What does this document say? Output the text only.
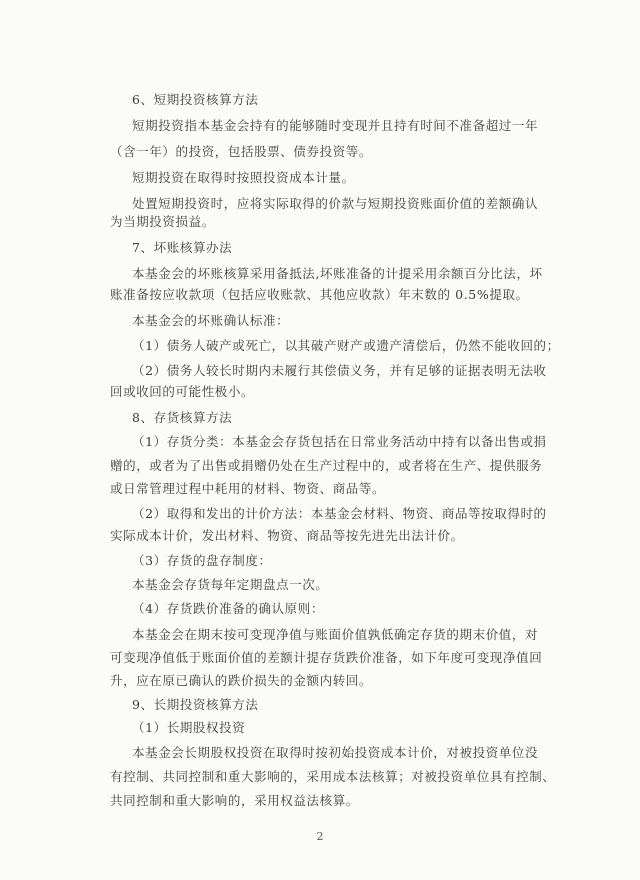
6、短期投资核算方法
短期投资指本基金会持有的能够随时变现并且持有时间不准备超过一年
（含一年）的投资，包括股票、债券投资等。
短期投资在取得时按照投资成本计量。
处置短期投资时，应将实际取得的价款与短期投资账面价值的差额确认
为当期投资损益。
7、坏账核算办法
本基金会的坏账核算采用备抵法,坏账准备的计提采用余额百分比法，坏
账准备按应收款项（包括应收账款、其他应收款）年末数的 0.5%提取。
本基金会的坏账确认标准：
（1）债务人破产或死亡，以其破产财产或遗产清偿后，仍然不能收回的；
（2）债务人较长时期内未履行其偿债义务，并有足够的证据表明无法收
回或收回的可能性极小。
8、存货核算方法
（1）存货分类：本基金会存货包括在日常业务活动中持有以备出售或捐
赠的，或者为了出售或捐赠仍处在生产过程中的，或者将在生产、提供服务
或日常管理过程中耗用的材料、物资、商品等。
（2）取得和发出的计价方法：本基金会材料、物资、商品等按取得时的
实际成本计价，发出材料、物资、商品等按先进先出法计价。
（3）存货的盘存制度：
本基金会存货每年定期盘点一次。
（4）存货跌价准备的确认原则：
本基金会在期末按可变现净值与账面价值孰低确定存货的期末价值，对
可变现净值低于账面价值的差额计提存货跌价准备，如下年度可变现净值回
升，应在原已确认的跌价损失的金额内转回。
9、长期投资核算方法
（1）长期股权投资
本基金会长期股权投资在取得时按初始投资成本计价，对被投资单位没
有控制、共同控制和重大影响的，采用成本法核算；对被投资单位具有控制、
共同控制和重大影响的，采用权益法核算。
2
